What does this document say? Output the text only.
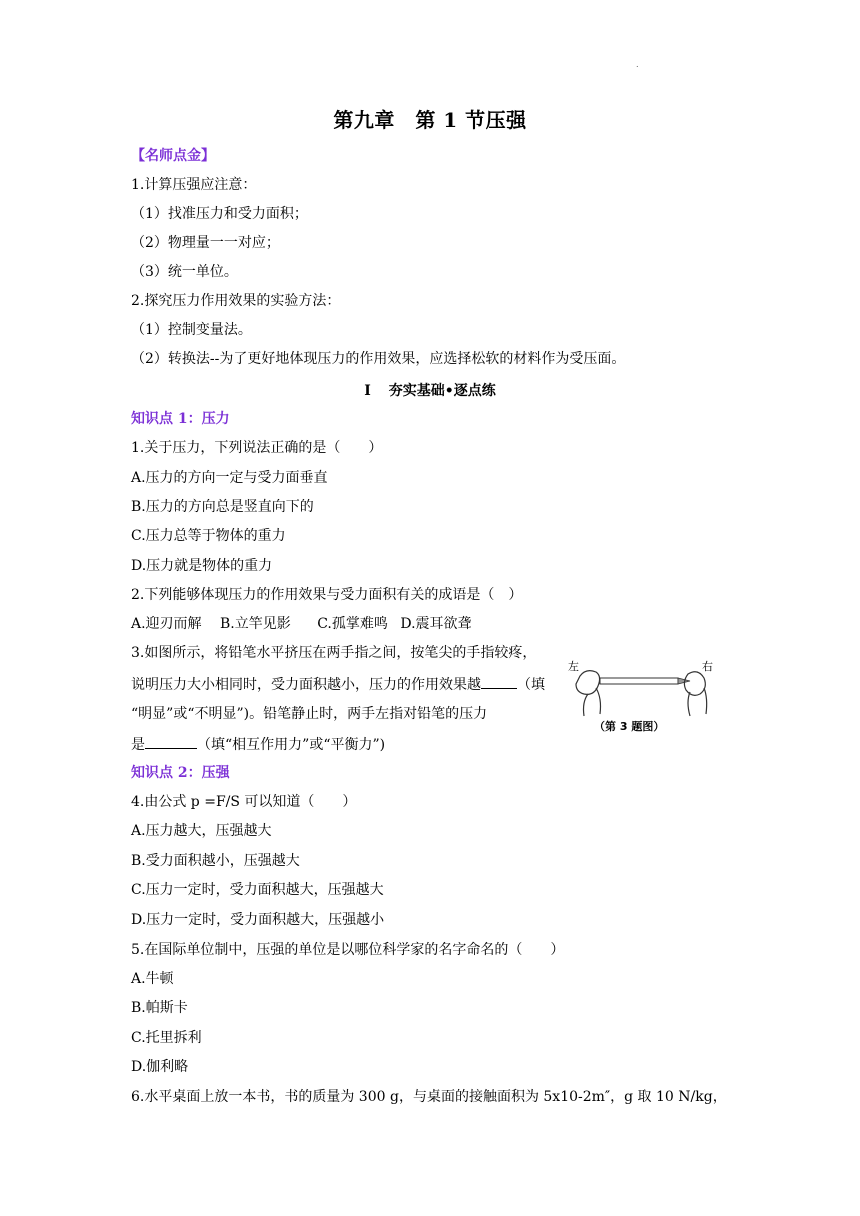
.
第九章　第 1 节压强
【名师点金】
1.计算压强应注意：
（1）找准压力和受力面积；
（2）物理量一一对应；
（3）统一单位。
2.探究压力作用效果的实验方法：
（1）控制变量法。
（2）转换法--为了更好地体现压力的作用效果，应选择松软的材料作为受压面。
Ⅰ 夯实基础•逐点练
知识点 1：压力
1.关于压力，下列说法正确的是（　　）
A.压力的方向一定与受力面垂直
B.压力的方向总是竖直向下的
C.压力总等于物体的重力
D.压力就是物体的重力
2.下列能够体现压力的作用效果与受力面积有关的成语是（　）
A.迎刃而解 B.立竿见影 C.孤掌难鸣 D.震耳欲聋
3.如图所示，将铅笔水平挤压在两手指之间，按笔尖的手指较疼，
说明压力大小相同时，受力面积越小，压力的作用效果越	（填
“明显”或“不明显”)。铅笔静止时，两手左指对铅笔的压力
是	（填“相互作用力”或“平衡力”)
左	右
（第 3 题图）
知识点 2：压强
4.由公式 p =F/S 可以知道（　　）
A.压力越大，压强越大
B.受力面积越小，压强越大
C.压力一定时，受力面积越大，压强越大
D.压力一定时，受力面积越大，压强越小
5.在国际单位制中，压强的单位是以哪位科学家的名字命名的（　　）
A.牛顿
B.帕斯卡
C.托里拆利
D.伽利略
6.水平桌面上放一本书，书的质量为 300 g，与桌面的接触面积为 5x10-2m″，g 取 10 N/kg，
